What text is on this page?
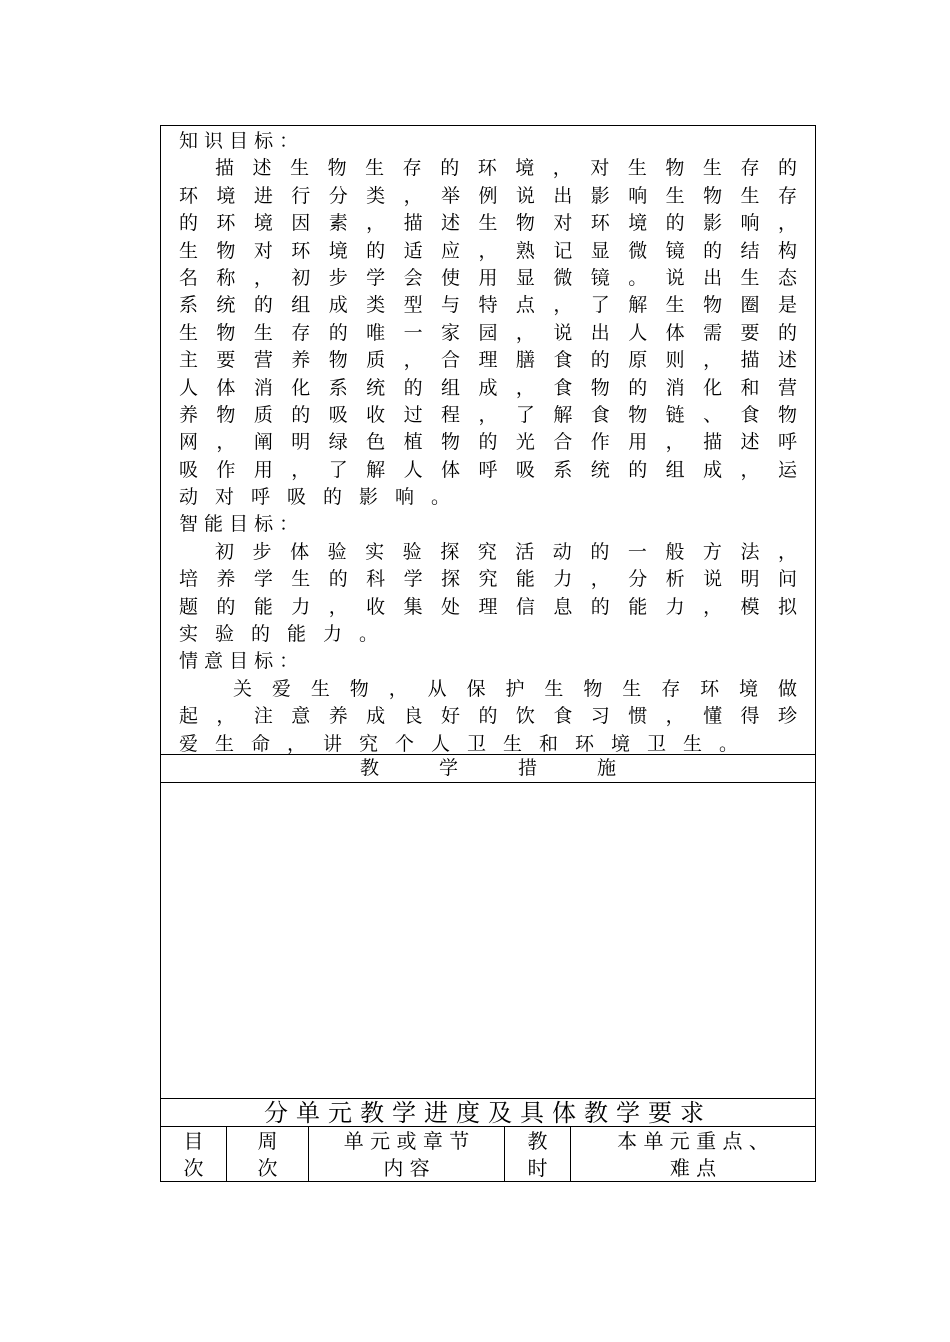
知 识 目 标 ：
描述生物生存的环境，对生物生存的
环境进行分类，举例说出影响生物生存
的环境因素，描述生物对环境的影响，
生物对环境的适应，熟记显微镜的结构
名称，初步学会使用显微镜。说出生态
系统的组成类型与特点，了解生物圈是
生物生存的唯一家园，说出人体需要的
主要营养物质，合理膳食的原则，描述
人体消化系统的组成，食物的消化和营
养物质的吸收过程，了解食物链、食物
网，阐明绿色植物的光合作用，描述呼
吸作用，了解人体呼吸系统的组成，运
动对呼吸的影响。
智 能 目 标 ：
初步体验实验探究活动的一般方法，
培养学生的科学探究能力，分析说明问
题的能力，收集处理信息的能力，模拟
实验的能力。
情 意 目 标 ：
关爱生物，从保护生物生存环境做
起，注意养成良好的饮食习惯，懂得珍
爱生命，讲究个人卫生和环境卫生。
教学措施
分单元教学进度及具体教学要求
目
次
周
次
单 元 或 章 节
内 容
教
时
本 单 元 重 点 、
难 点
